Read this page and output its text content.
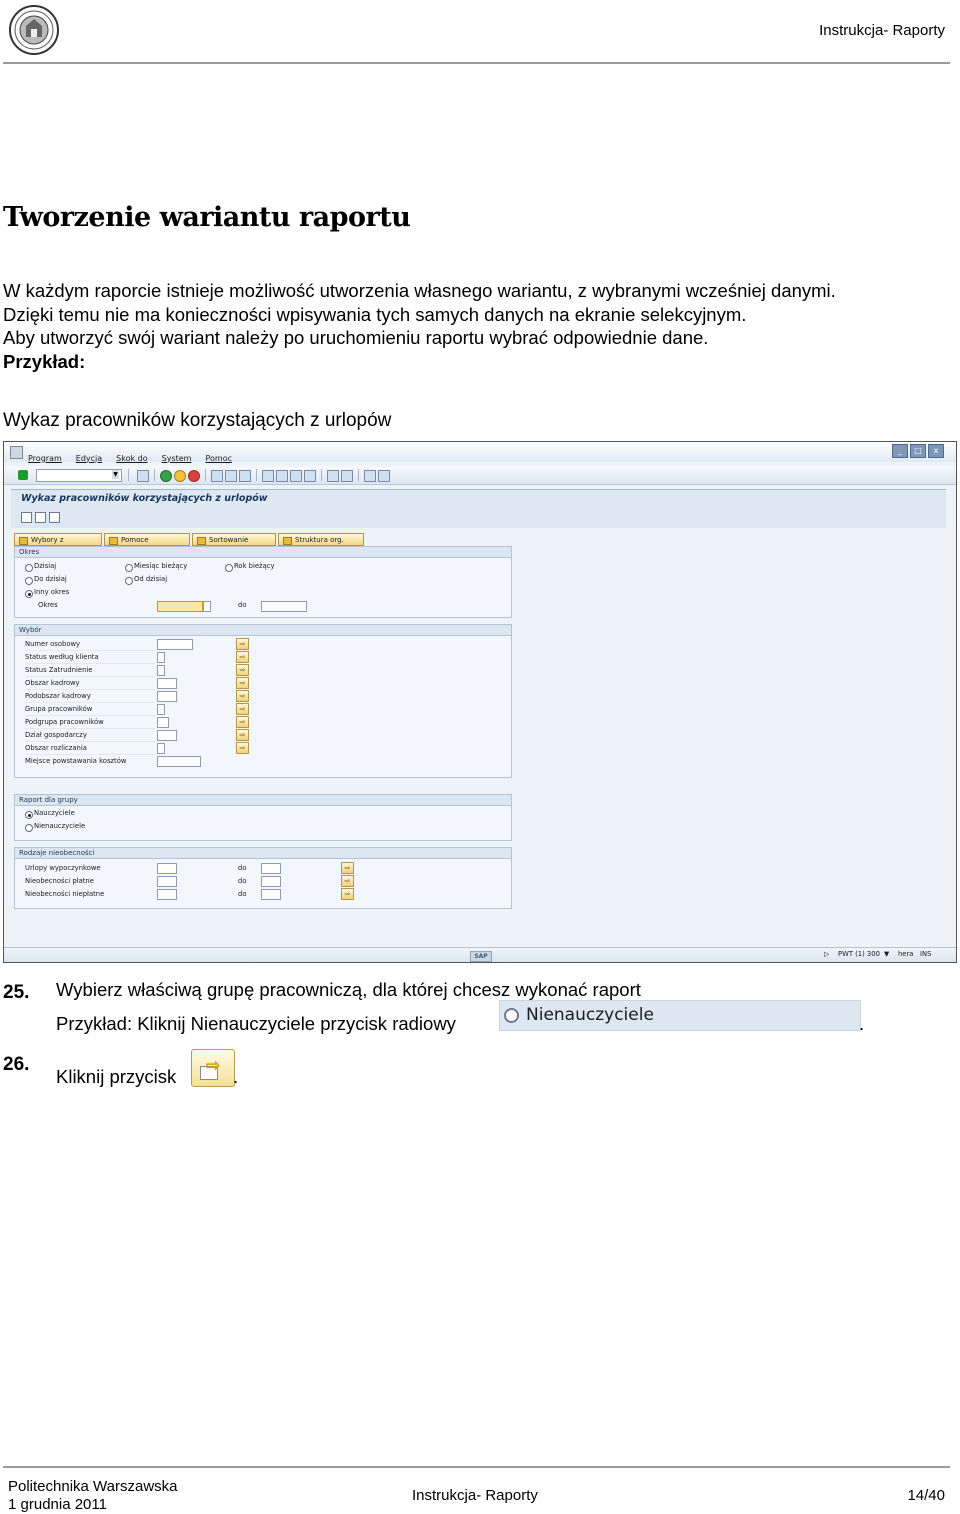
Instrukcja- Raporty
Tworzenie wariantu raportu
W każdym raporcie istnieje możliwość utworzenia własnego wariantu, z wybranymi wcześniej danymi.
Dzięki temu nie ma konieczności wpisywania tych samych danych na ekranie selekcyjnym.
Aby utworzyć swój wariant należy po uruchomieniu raportu wybrać odpowiednie dane.
Przykład:
Wykaz pracowników korzystających z urlopów
_	□	x
Program Edycja Skok do System Pomoc
▼
Wykaz pracowników korzystających z urlopów
Wybory z	Pomoce	Sortowanie	Struktura org.
Okres
Dzisiaj	Miesiąc bieżący	Rok bieżący
Do dzisiaj	Od dzisiaj
Inny okres
Okres	do
Wybór
Numer osobowy	⇨
Status według klienta	⇨
Status Zatrudnienie	⇨
Obszar kadrowy	⇨
Podobszar kadrowy	⇨
Grupa pracowników	⇨
Podgrupa pracowników	⇨
Dział gospodarczy	⇨
Obszar rozliczania	⇨
Miejsce powstawania kosztów
Raport dla grupy
Nauczyciele
Nienauczyciele
Rodzaje nieobecności
Urlopy wypoczynkowe	do	⇨
Nieobecności płatne	do	⇨
Nieobecności niepłatne	do	⇨
SAP	▷ PWT (1) 300 ▼ hera INS
25. Wybierz właściwą grupę pracowniczą, dla której chcesz wykonać raport
Przykład: Kliknij Nienauczyciele przycisk radiowy	Nienauczyciele	.
26.
Kliknij przycisk
⇨
.
Politechnika Warszawska
1 grudnia 2011
Instrukcja- Raporty	14/40
